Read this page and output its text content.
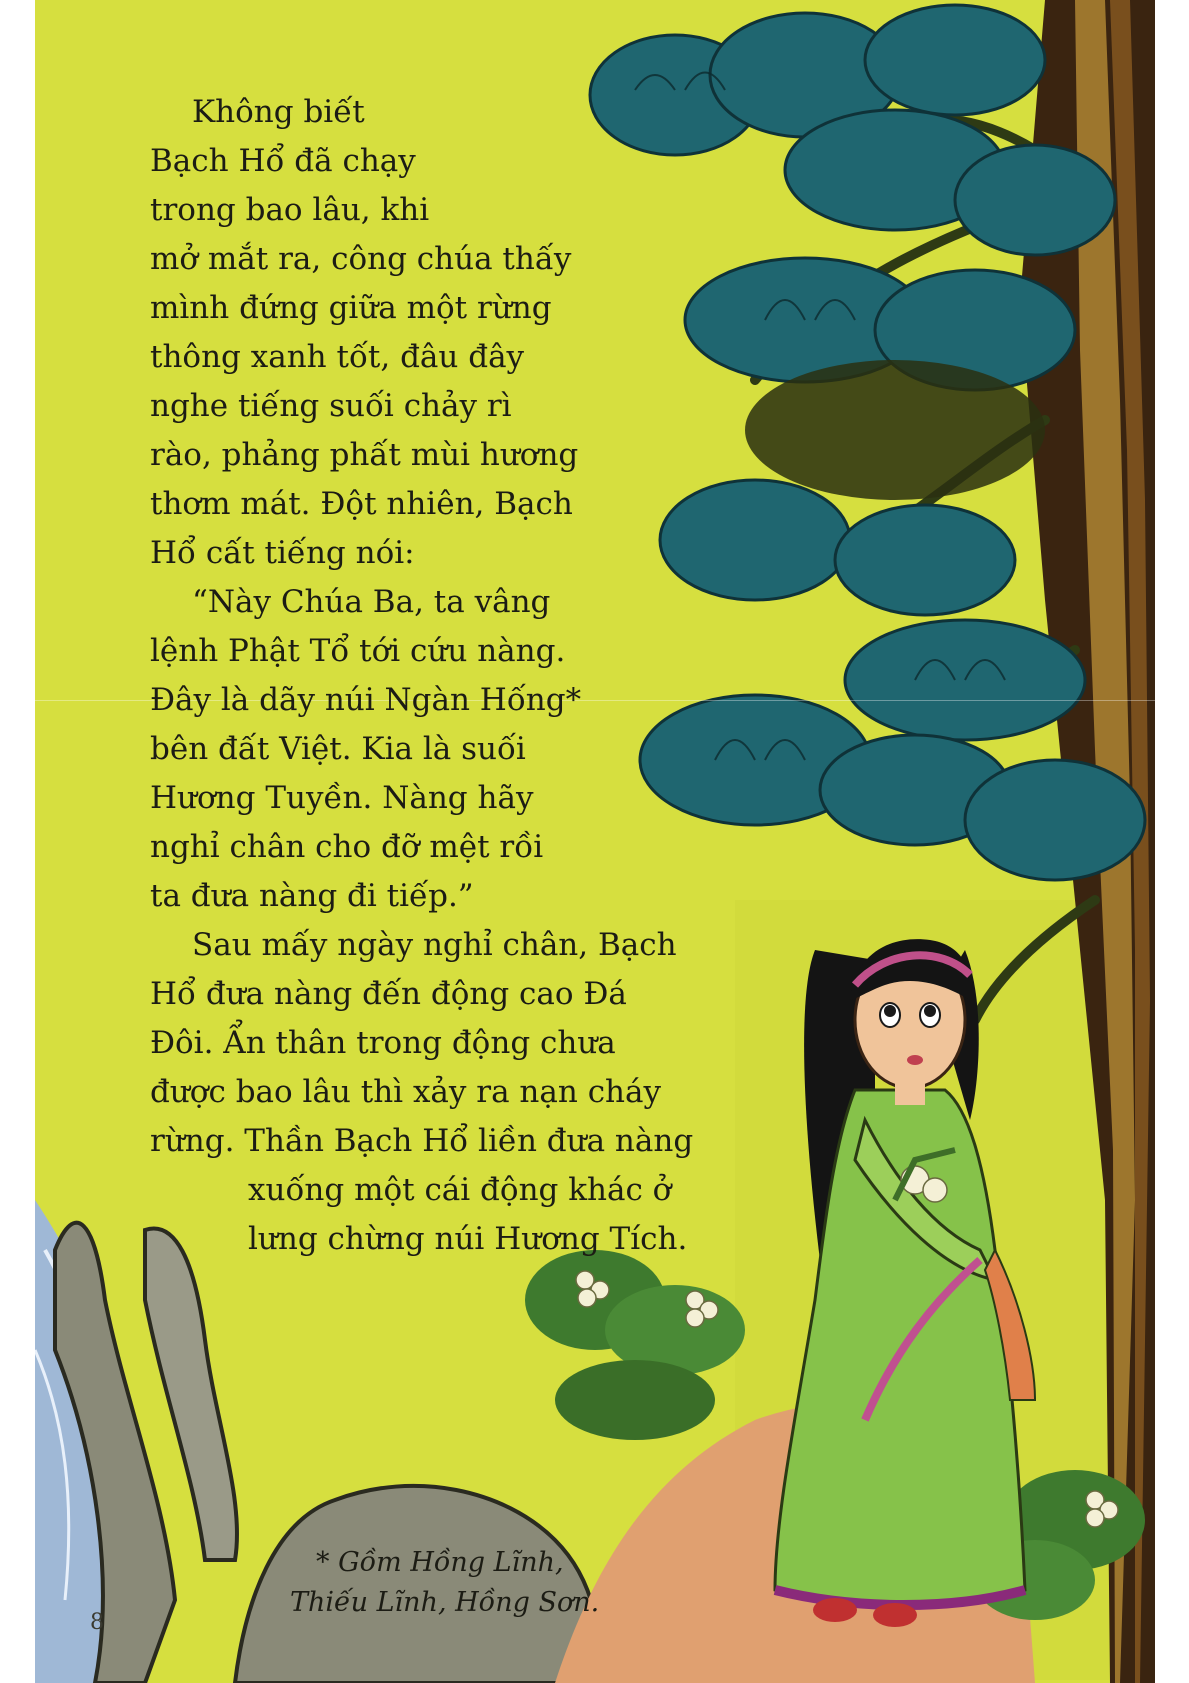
Không biết
Bạch Hổ đã chạy
trong bao lâu, khi
mở mắt ra, công chúa thấy
mình đứng giữa một rừng
thông xanh tốt, đâu đây
nghe tiếng suối chảy rì
rào, phảng phất mùi hương
thơm mát. Đột nhiên, Bạch
Hổ cất tiếng nói:

“Này Chúa Ba, ta vâng
lệnh Phật Tổ tới cứu nàng.
Đây là dãy núi Ngàn Hống*
bên đất Việt. Kia là suối
Hương Tuyền. Nàng hãy
nghỉ chân cho đỡ mệt rồi
ta đưa nàng đi tiếp.”

Sau mấy ngày nghỉ chân, Bạch
Hổ đưa nàng đến động cao Đá
Đôi. Ẩn thân trong động chưa
được bao lâu thì xảy ra nạn cháy
rừng. Thần Bạch Hổ liền đưa nàng
xuống một cái động khác ở
lưng chừng núi Hương Tích.

* Gồm Hồng Lĩnh,
Thiếu Lĩnh, Hồng Sơn.
8
